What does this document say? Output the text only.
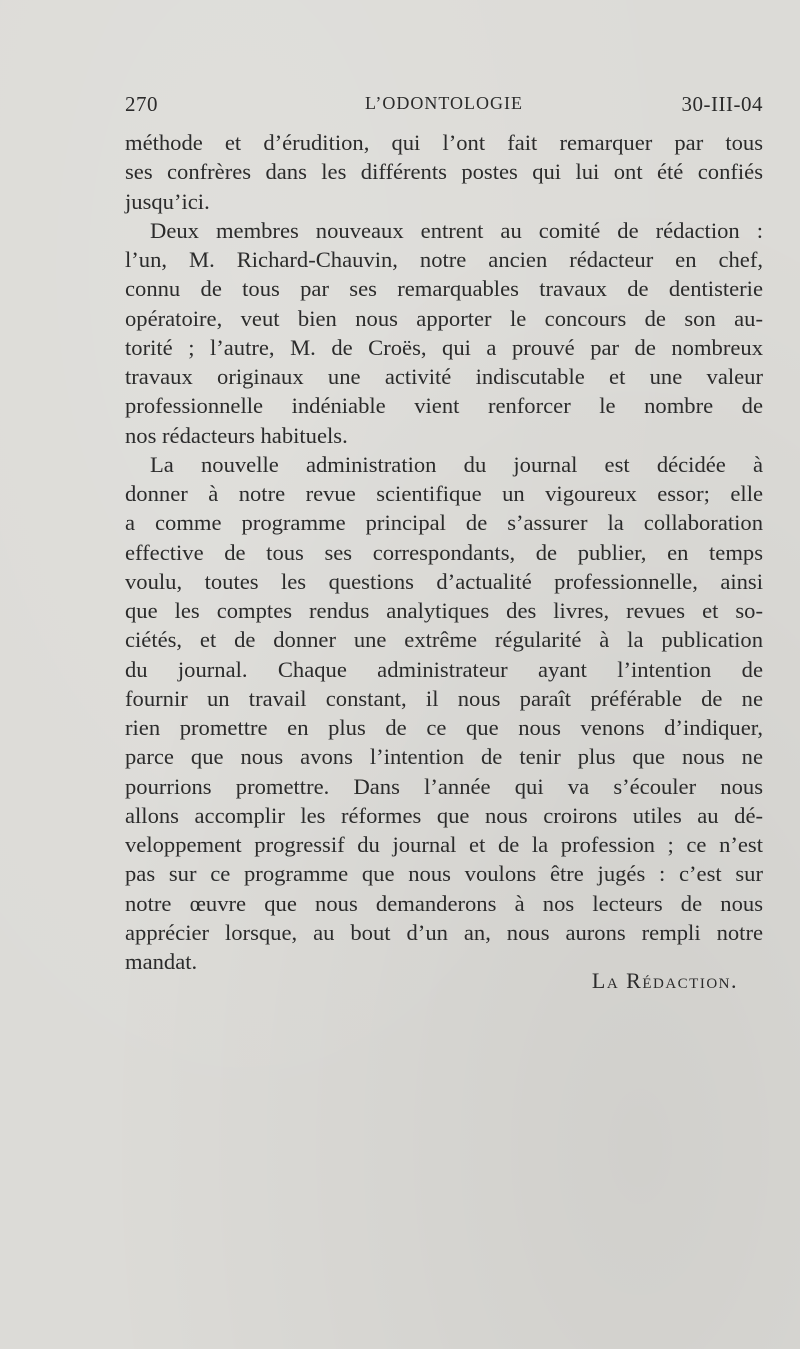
270	L’ODONTOLOGIE	30-III-04

méthode et d’érudition, qui l’ont fait remarquer par tous

ses confrères dans les différents postes qui lui ont été confiés

jusqu’ici.

Deux membres nouveaux entrent au comité de rédaction :

l’un, M. Richard-Chauvin, notre ancien rédacteur en chef,

connu de tous par ses remarquables travaux de dentisterie

opératoire, veut bien nous apporter le concours de son au-

torité ; l’autre, M. de Croës, qui a prouvé par de nombreux

travaux originaux une activité indiscutable et une valeur

professionnelle indéniable vient renforcer le nombre de

nos rédacteurs habituels.

La nouvelle administration du journal est décidée à

donner à notre revue scientifique un vigoureux essor; elle

a comme programme principal de s’assurer la collaboration

effective de tous ses correspondants, de publier, en temps

voulu, toutes les questions d’actualité professionnelle, ainsi

que les comptes rendus analytiques des livres, revues et so-

ciétés, et de donner une extrême régularité à la publication

du journal. Chaque administrateur ayant l’intention de

fournir un travail constant, il nous paraît préférable de ne

rien promettre en plus de ce que nous venons d’indiquer,

parce que nous avons l’intention de tenir plus que nous ne

pourrions promettre. Dans l’année qui va s’écouler nous

allons accomplir les réformes que nous croirons utiles au dé-

veloppement progressif du journal et de la profession ; ce n’est

pas sur ce programme que nous voulons être jugés : c’est sur

notre œuvre que nous demanderons à nos lecteurs de nous

apprécier lorsque, au bout d’un an, nous aurons rempli notre

mandat.

La Rédaction.
